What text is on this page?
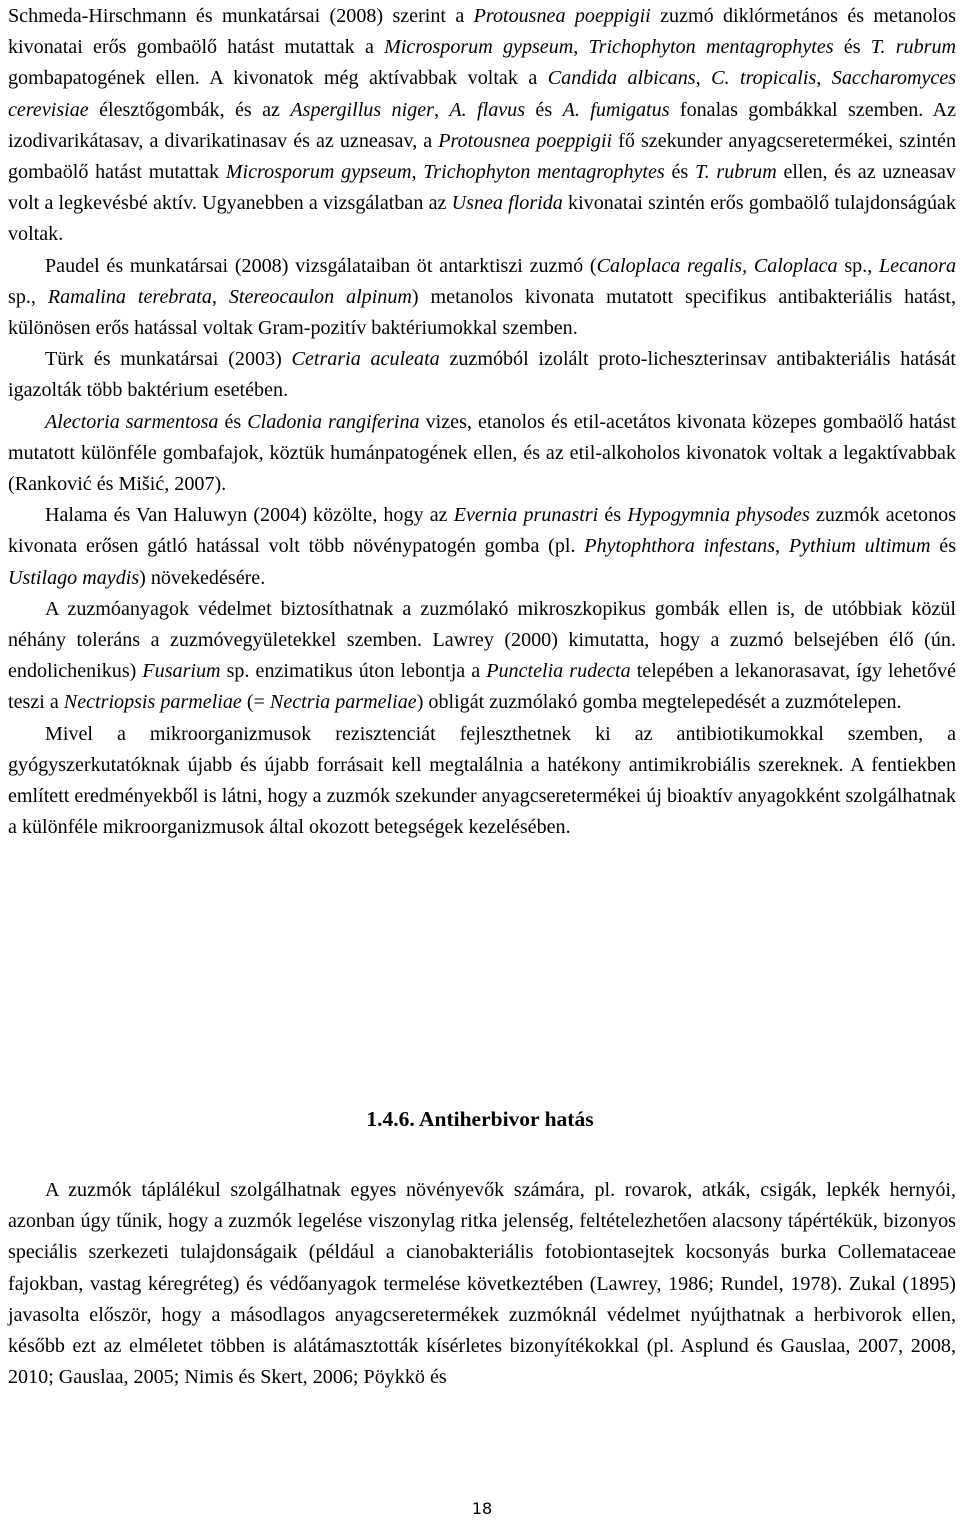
Schmeda-Hirschmann és munkatársai (2008) szerint a Protousnea poeppigii zuzmó diklórmetános és metanolos kivonatai erős gombaölő hatást mutattak a Microsporum gypseum, Trichophyton mentagrophytes és T. rubrum gombapatogének ellen. A kivonatok még aktívabbak voltak a Candida albicans, C. tropicalis, Saccharomyces cerevisiae élesztőgombák, és az Aspergillus niger, A. flavus és A. fumigatus fonalas gombákkal szemben. Az izodivarikátasav, a divarikatinasav és az uzneasav, a Protousnea poeppigii fő szekunder anyagcseretermékei, szintén gombaölő hatást mutattak Microsporum gypseum, Trichophyton mentagrophytes és T. rubrum ellen, és az uzneasav volt a legkevésbé aktív. Ugyanebben a vizsgálatban az Usnea florida kivonatai szintén erős gombaölő tulajdonságúak voltak.

Paudel és munkatársai (2008) vizsgálataiban öt antarktiszi zuzmó (Caloplaca regalis, Caloplaca sp., Lecanora sp., Ramalina terebrata, Stereocaulon alpinum) metanolos kivonata mutatott specifikus antibakteriális hatást, különösen erős hatással voltak Gram-pozitív baktériumokkal szemben.

Türk és munkatársai (2003) Cetraria aculeata zuzmóból izolált proto-licheszterinsav antibakteriális hatását igazolták több baktérium esetében.

Alectoria sarmentosa és Cladonia rangiferina vizes, etanolos és etil-acetátos kivonata közepes gombaölő hatást mutatott különféle gombafajok, köztük humánpatogének ellen, és az etil-alkoholos kivonatok voltak a legaktívabbak (Ranković és Mišić, 2007).

Halama és Van Haluwyn (2004) közölte, hogy az Evernia prunastri és Hypogymnia physodes zuzmók acetonos kivonata erősen gátló hatással volt több növénypatogén gomba (pl. Phytophthora infestans, Pythium ultimum és Ustilago maydis) növekedésére.

A zuzmóanyagok védelmet biztosíthatnak a zuzmólakó mikroszkopikus gombák ellen is, de utóbbiak közül néhány toleráns a zuzmóvegyületekkel szemben. Lawrey (2000) kimutatta, hogy a zuzmó belsejében élő (ún. endolichenikus) Fusarium sp. enzimatikus úton lebontja a Punctelia rudecta telepében a lekanorasavat, így lehetővé teszi a Nectriopsis parmeliae (= Nectria parmeliae) obligát zuzmólakó gomba megtelepedését a zuzmótelepen.

Mivel a mikroorganizmusok rezisztenciát fejleszthetnek ki az antibiotikumokkal szemben, a gyógyszerkutatóknak újabb és újabb forrásait kell megtalálnia a hatékony antimikrobiális szereknek. A fentiekben említett eredményekből is látni, hogy a zuzmók szekunder anyagcseretermékei új bioaktív anyagokként szolgálhatnak a különféle mikroorganizmusok által okozott betegségek kezelésében.

1.4.6. Antiherbivor hatás

A zuzmók táplálékul szolgálhatnak egyes növényevők számára, pl. rovarok, atkák, csigák, lepkék hernyói, azonban úgy tűnik, hogy a zuzmók legelése viszonylag ritka jelenség, feltételezhetően alacsony tápértékük, bizonyos speciális szerkezeti tulajdonságaik (például a cianobakteriális fotobiontasejtek kocsonyás burka Collemataceae fajokban, vastag kéregréteg) és védőanyagok termelése következtében (Lawrey, 1986; Rundel, 1978). Zukal (1895) javasolta először, hogy a másodlagos anyagcseretermékek zuzmóknál védelmet nyújthatnak a herbivorok ellen, később ezt az elméletet többen is alátámasztották kísérletes bizonyítékokkal (pl. Asplund és Gauslaa, 2007, 2008, 2010; Gauslaa, 2005; Nimis és Skert, 2006; Pöykkö és

18
